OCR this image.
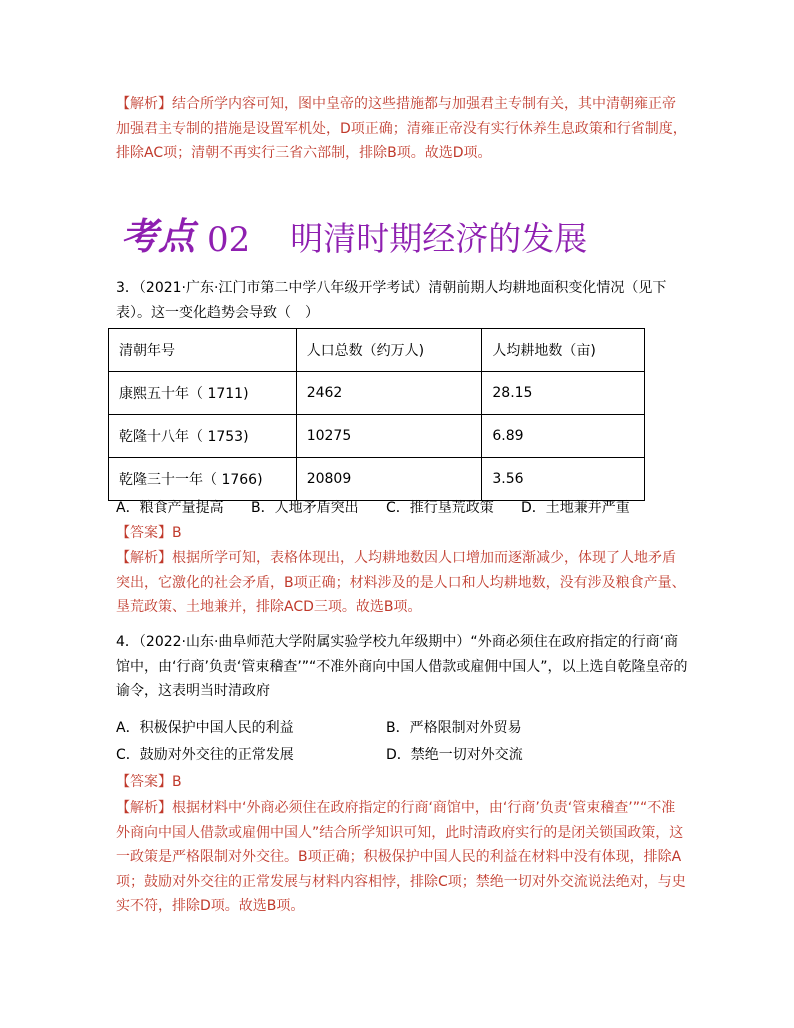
【解析】结合所学内容可知，图中皇帝的这些措施都与加强君主专制有关，其中清朝雍正帝加强君主专制的措施是设置军机处，D项正确；清雍正帝没有实行休养生息政策和行省制度，排除AC项；清朝不再实行三省六部制，排除B项。故选D项。

考点 02 明清时期经济的发展

3．（2021·广东·江门市第二中学八年级开学考试）清朝前期人均耕地面积变化情况（见下表）。这一变化趋势会导致（　）

清朝年号	人口总数（约万人)	人均耕地数（亩)
康熙五十年（ 1711)	2462	28.15
乾隆十八年（ 1753)	10275	6.89
乾隆三十一年（ 1766)	20809	3.56
A．粮食产量提高	B．人地矛盾突出	C．推行垦荒政策	D．土地兼并严重

【答案】B

【解析】根据所学可知，表格体现出，人均耕地数因人口增加而逐渐减少，体现了人地矛盾突出，它激化的社会矛盾，B项正确；材料涉及的是人口和人均耕地数，没有涉及粮食产量、垦荒政策、土地兼并，排除ACD三项。故选B项。

4．（2022·山东·曲阜师范大学附属实验学校九年级期中）“外商必须住在政府指定的行商‘商馆中，由‘行商’负责‘管束稽查’”“不准外商向中国人借款或雇佣中国人”，以上选自乾隆皇帝的谕令，这表明当时清政府

A．积极保护中国人民的利益	B．严格限制对外贸易
C．鼓励对外交往的正常发展	D．禁绝一切对外交流

【答案】B

【解析】根据材料中‘外商必须住在政府指定的行商‘商馆中，由‘行商’负责‘管束稽查’”“不准外商向中国人借款或雇佣中国人”结合所学知识可知，此时清政府实行的是闭关锁国政策，这一政策是严格限制对外交往。B项正确；积极保护中国人民的利益在材料中没有体现，排除A项；鼓励对外交往的正常发展与材料内容相悖，排除C项；禁绝一切对外交流说法绝对，与史实不符，排除D项。故选B项。
